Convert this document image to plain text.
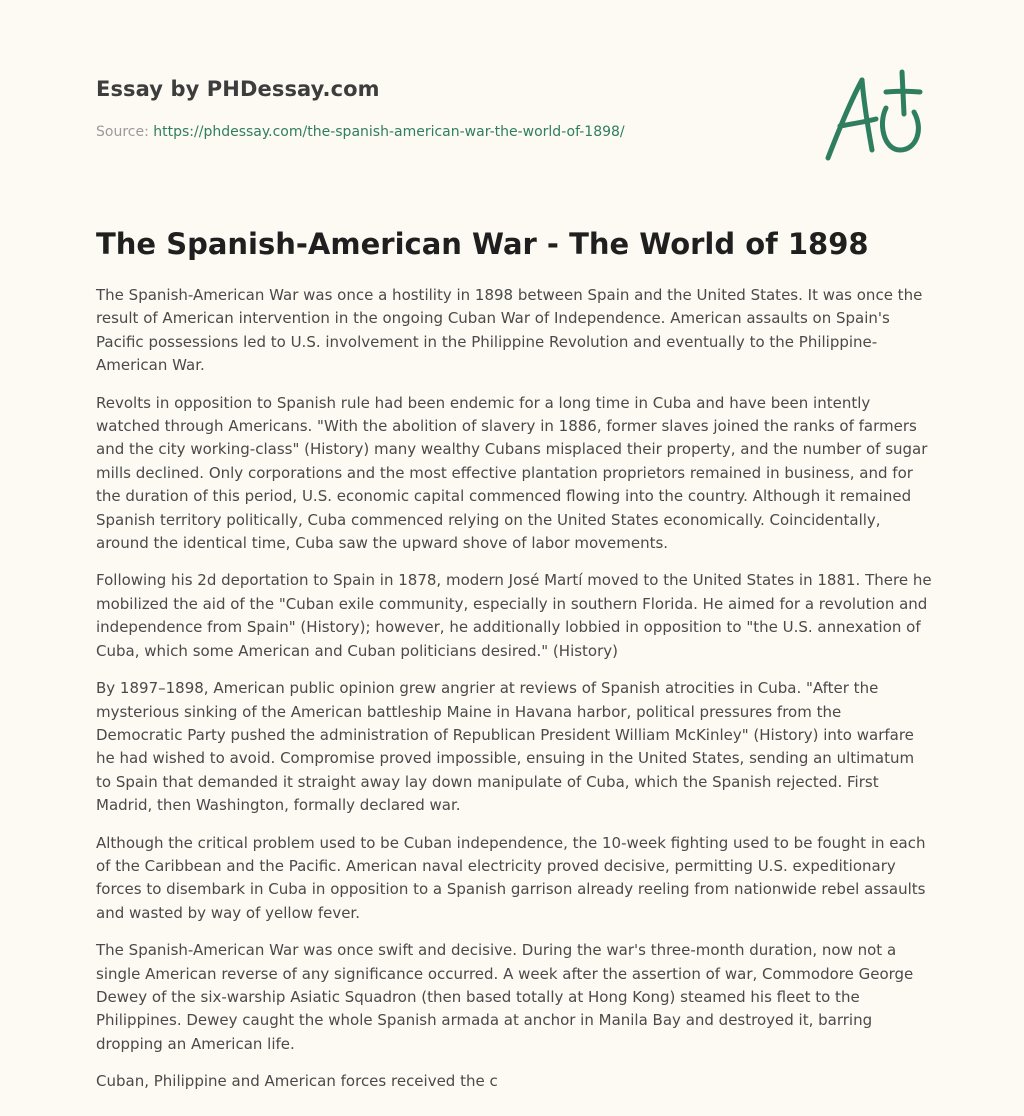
Essay by PHDessay.com
Source: https://phdessay.com/the-spanish-american-war-the-world-of-1898/
The Spanish-American War - The World of 1898

The Spanish-American War was once a hostility in 1898 between Spain and the United States. It was once the result of American intervention in the ongoing Cuban War of Independence. American assaults on Spain's Pacific possessions led to U.S. involvement in the Philippine Revolution and eventually to the Philippine-American War.

Revolts in opposition to Spanish rule had been endemic for a long time in Cuba and have been intently watched through Americans. "With the abolition of slavery in 1886, former slaves joined the ranks of farmers and the city working-class" (History) many wealthy Cubans misplaced their property, and the number of sugar mills declined. Only corporations and the most effective plantation proprietors remained in business, and for the duration of this period, U.S. economic capital commenced flowing into the country. Although it remained Spanish territory politically, Cuba commenced relying on the United States economically. Coincidentally, around the identical time, Cuba saw the upward shove of labor movements.

Following his 2d deportation to Spain in 1878, modern José Martí moved to the United States in 1881. There he mobilized the aid of the "Cuban exile community, especially in southern Florida. He aimed for a revolution and independence from Spain" (History); however, he additionally lobbied in opposition to "the U.S. annexation of Cuba, which some American and Cuban politicians desired." (History)

By 1897–1898, American public opinion grew angrier at reviews of Spanish atrocities in Cuba. "After the mysterious sinking of the American battleship Maine in Havana harbor, political pressures from the Democratic Party pushed the administration of Republican President William McKinley" (History) into warfare he had wished to avoid. Compromise proved impossible, ensuing in the United States, sending an ultimatum to Spain that demanded it straight away lay down manipulate of Cuba, which the Spanish rejected. First Madrid, then Washington, formally declared war.

Although the critical problem used to be Cuban independence, the 10-week fighting used to be fought in each of the Caribbean and the Pacific. American naval electricity proved decisive, permitting U.S. expeditionary forces to disembark in Cuba in opposition to a Spanish garrison already reeling from nationwide rebel assaults and wasted by way of yellow fever.

The Spanish-American War was once swift and decisive. During the war's three-month duration, now not a single American reverse of any significance occurred. A week after the assertion of war, Commodore George Dewey of the six-warship Asiatic Squadron (then based totally at Hong Kong) steamed his fleet to the Philippines. Dewey caught the whole Spanish armada at anchor in Manila Bay and destroyed it, barring dropping an American life.

Cuban, Philippine and American forces received the c
